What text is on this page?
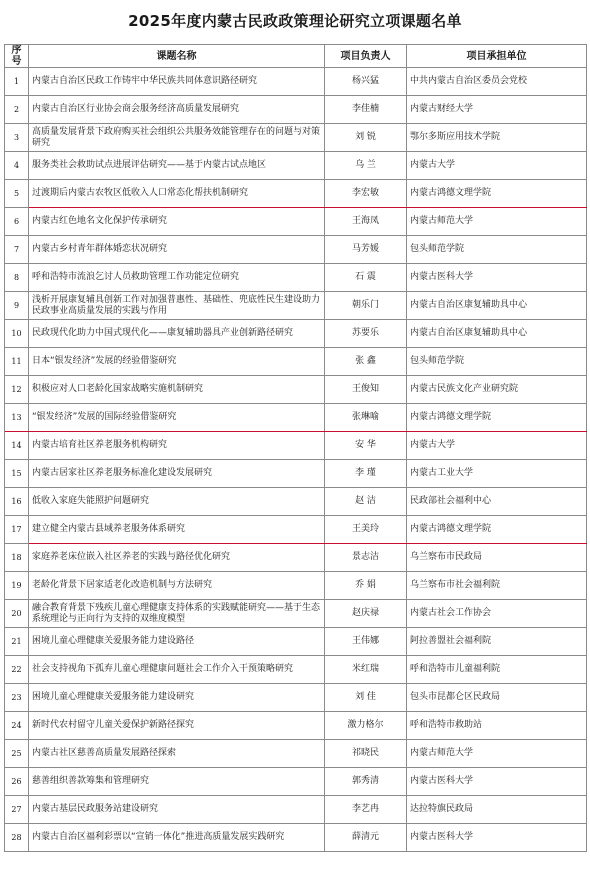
2025年度内蒙古民政政策理论研究立项课题名单
序号	课题名称	项目负责人	项目承担单位
1	内蒙古自治区民政工作铸牢中华民族共同体意识路径研究	杨兴猛	中共内蒙古自治区委员会党校
2	内蒙古自治区行业协会商会服务经济高质量发展研究	李佳楠	内蒙古财经大学
3	高质量发展背景下政府购买社会组织公共服务效能管理存在的问题与对策研究	刘 锐	鄂尔多斯应用技术学院
4	服务类社会救助试点进展评估研究——基于内蒙古试点地区	乌 兰	内蒙古大学
5	过渡期后内蒙古农牧区低收入人口常态化帮扶机制研究	李宏敏	内蒙古鸿德文理学院
6	内蒙古红色地名文化保护传承研究	王海凤	内蒙古师范大学
7	内蒙古乡村青年群体婚恋状况研究	马芳媛	包头师范学院
8	呼和浩特市流浪乞讨人员救助管理工作功能定位研究	石 震	内蒙古医科大学
9	浅析开展康复辅具创新工作对加强普惠性、基础性、兜底性民生建设助力民政事业高质量发展的实践与作用	朝乐门	内蒙古自治区康复辅助具中心
10	民政现代化助力中国式现代化——康复辅助器具产业创新路径研究	苏要乐	内蒙古自治区康复辅助具中心
11	日本“银发经济”发展的经验借鉴研究	张 鑫	包头师范学院
12	积极应对人口老龄化国家战略实施机制研究	王俊知	内蒙古民族文化产业研究院
13	“银发经济”发展的国际经验借鉴研究	张琳喻	内蒙古鸿德文理学院
14	内蒙古培育社区养老服务机构研究	安 华	内蒙古大学
15	内蒙古居家社区养老服务标准化建设发展研究	李 瑾	内蒙古工业大学
16	低收入家庭失能照护问题研究	赵 洁	民政部社会福利中心
17	建立健全内蒙古县域养老服务体系研究	王美玲	内蒙古鸿德文理学院
18	家庭养老床位嵌入社区养老的实践与路径优化研究	景志洁	乌兰察布市民政局
19	老龄化背景下居家适老化改造机制与方法研究	乔 娟	乌兰察布市社会福利院
20	融合教育背景下残疾儿童心理健康支持体系的实践赋能研究——基于生态系统理论与正向行为支持的双维度模型	赵庆禄	内蒙古社会工作协会
21	困境儿童心理健康关爱服务能力建设路径	王伟娜	阿拉善盟社会福利院
22	社会支持视角下孤弃儿童心理健康问题社会工作介入干预策略研究	米红瑞	呼和浩特市儿童福利院
23	困境儿童心理健康关爱服务能力建设研究	刘 佳	包头市昆都仑区民政局
24	新时代农村留守儿童关爱保护新路径探究	激力格尔	呼和浩特市救助站
25	内蒙古社区慈善高质量发展路径探索	祁晓民	内蒙古师范大学
26	慈善组织善款筹集和管理研究	郭秀清	内蒙古医科大学
27	内蒙古基层民政服务站建设研究	李艺冉	达拉特旗民政局
28	内蒙古自治区福利彩票以“宣销一体化”推进高质量发展实践研究	薛清元	内蒙古医科大学
